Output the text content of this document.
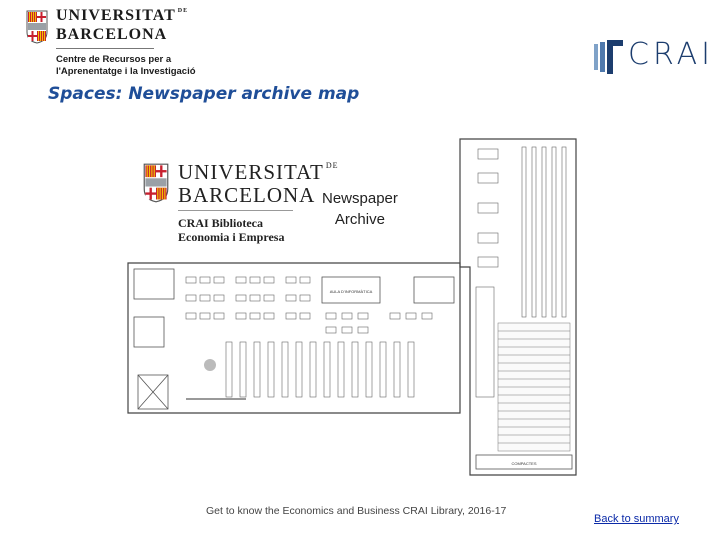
UNIVERSITAT $^{DE}$
BARCELONA
Centre de Recursos per a
l'Aprenentatge i la Investigació	CRAI
Spaces: Newspaper archive map
AULA D'INFORMÀTICA
COMPACTES
UNIVERSITAT $^{DE}$
BARCELONA
CRAI Biblioteca
Economia i Empresa
Newspaper
Archive
Get to know the Economics and Business CRAI Library, 2016-17
Back to summary
